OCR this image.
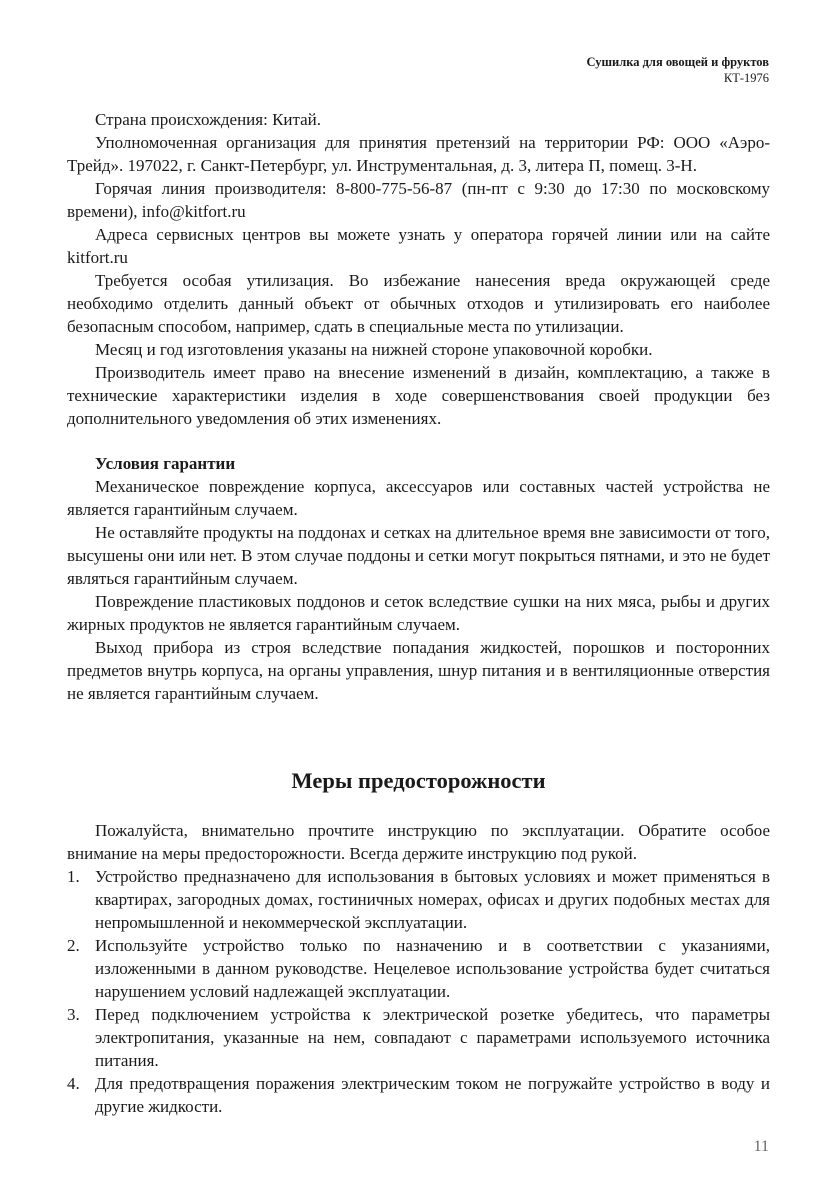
Сушилка для овощей и фруктов
КТ-1976

Страна происхождения: Китай.

Уполномоченная организация для принятия претензий на территории РФ: ООО «Аэро-Трейд». 197022, г. Санкт-Петербург, ул. Инструментальная, д. 3, литера П, помещ. 3-Н.

Горячая линия производителя: 8-800-775-56-87 (пн-пт с 9:30 до 17:30 по московскому времени), info@kitfort.ru

Адреса сервисных центров вы можете узнать у оператора горячей линии или на сайте kitfort.ru

Требуется особая утилизация. Во избежание нанесения вреда окружающей среде необходимо отделить данный объект от обычных отходов и утилизировать его наиболее безопасным способом, например, сдать в специальные места по утилизации.

Месяц и год изготовления указаны на нижней стороне упаковочной коробки.

Производитель имеет право на внесение изменений в дизайн, комплектацию, а также в технические характеристики изделия в ходе совершенствования своей продукции без дополнительного уведомления об этих изменениях.

Условия гарантии

Механическое повреждение корпуса, аксессуаров или составных частей устройства не является гарантийным случаем.

Не оставляйте продукты на поддонах и сетках на длительное время вне зависимости от того, высушены они или нет. В этом случае поддоны и сетки могут покрыться пятнами, и это не будет являться гарантийным случаем.

Повреждение пластиковых поддонов и сеток вследствие сушки на них мяса, рыбы и других жирных продуктов не является гарантийным случаем.

Выход прибора из строя вследствие попадания жидкостей, порошков и посторонних предметов внутрь корпуса, на органы управления, шнур питания и в вентиляционные отверстия не является гарантийным случаем.

Меры предосторожности

Пожалуйста, внимательно прочтите инструкцию по эксплуатации. Обратите особое внимание на меры предосторожности. Всегда держите инструкцию под рукой.

1. Устройство предназначено для использования в бытовых условиях и может применяться в квартирах, загородных домах, гостиничных номерах, офисах и других подобных местах для непромышленной и некоммерческой эксплуатации.
2. Используйте устройство только по назначению и в соответствии с указаниями, изложенными в данном руководстве. Нецелевое использование устройства будет считаться нарушением условий надлежащей эксплуатации.
3. Перед подключением устройства к электрической розетке убедитесь, что параметры электропитания, указанные на нем, совпадают с параметрами используемого источника питания.
4. Для предотвращения поражения электрическим током не погружайте устройство в воду и другие жидкости.
11
